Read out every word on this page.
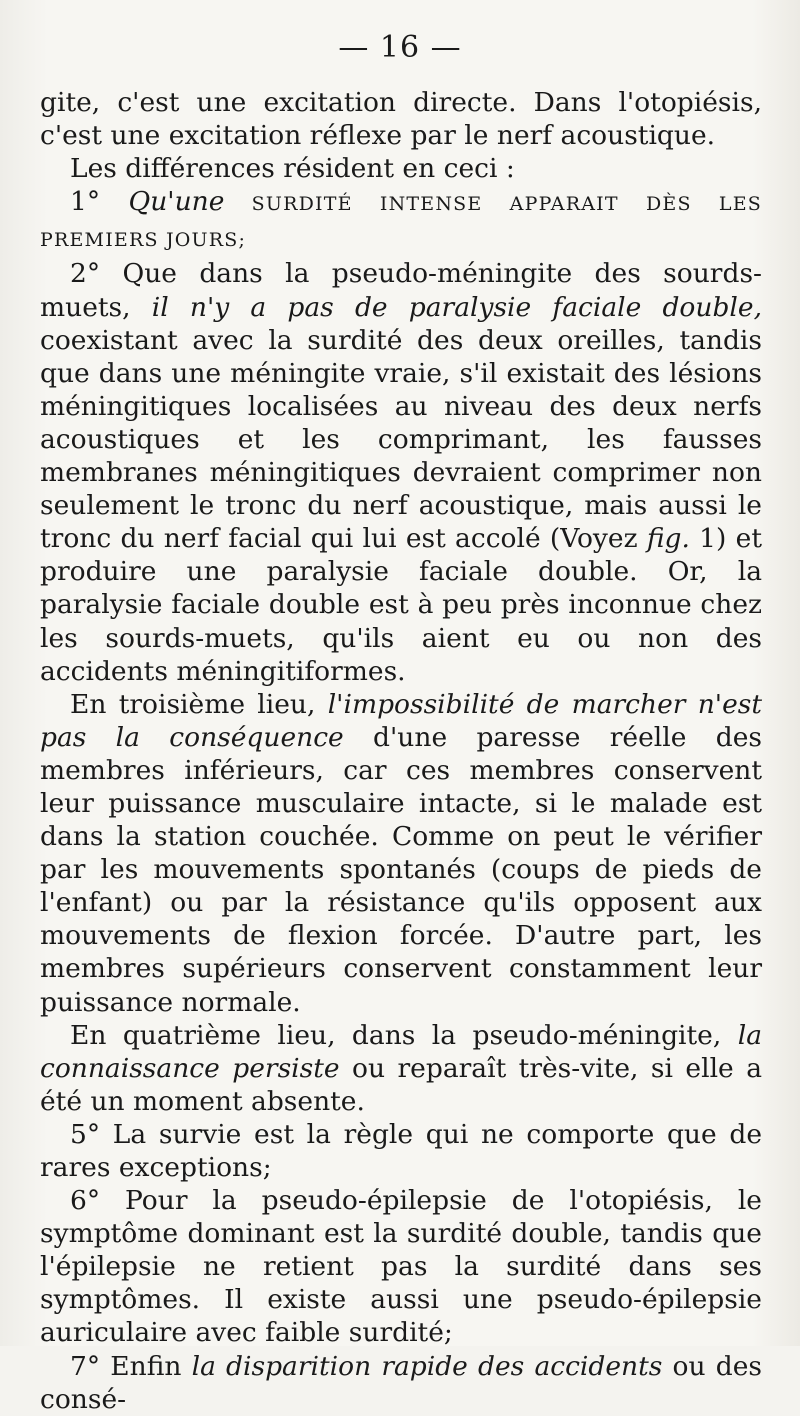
— 16 —

gite, c'est une excitation directe. Dans l'otopiésis, c'est une excitation réflexe par le nerf acoustique.

Les différences résident en ceci :

1° Qu'une SURDITÉ INTENSE APPARAIT DÈS LES PREMIERS JOURS;

2° Que dans la pseudo-méningite des sourds-muets, il n'y a pas de paralysie faciale double, coexistant avec la surdité des deux oreilles, tandis que dans une méningite vraie, s'il existait des lésions méningitiques localisées au niveau des deux nerfs acoustiques et les comprimant, les fausses membranes méningitiques devraient comprimer non seulement le tronc du nerf acoustique, mais aussi le tronc du nerf facial qui lui est accolé (Voyez fig. 1) et produire une paralysie faciale double. Or, la paralysie faciale double est à peu près inconnue chez les sourds-muets, qu'ils aient eu ou non des accidents méningitiformes.

En troisième lieu, l'impossibilité de marcher n'est pas la conséquence d'une paresse réelle des membres inférieurs, car ces membres conservent leur puissance musculaire intacte, si le malade est dans la station couchée. Comme on peut le vérifier par les mouvements spontanés (coups de pieds de l'enfant) ou par la résistance qu'ils opposent aux mouvements de flexion forcée. D'autre part, les membres supérieurs conservent constamment leur puissance normale.

En quatrième lieu, dans la pseudo-méningite, la connaissance persiste ou reparaît très-vite, si elle a été un moment absente.

5° La survie est la règle qui ne comporte que de rares exceptions;

6° Pour la pseudo-épilepsie de l'otopiésis, le symptôme dominant est la surdité double, tandis que l'épilepsie ne retient pas la surdité dans ses symptômes. Il existe aussi une pseudo-épilepsie auriculaire avec faible surdité;

7° Enfin la disparition rapide des accidents ou des consé-
